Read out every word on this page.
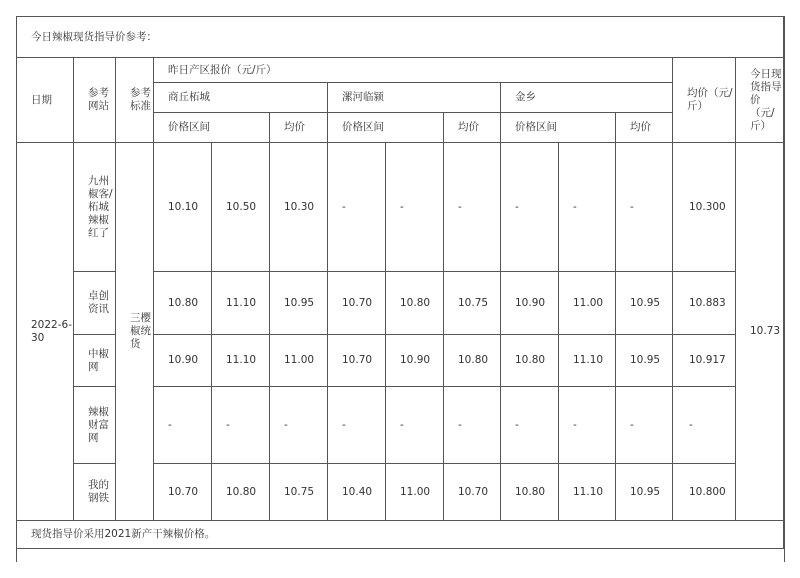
今日辣椒现货指导价参考：													
日期	参考网站	参考标准	昨日产区报价（元/斤）									均价（元/斤）	今日现货指导价（元/斤）
			商丘柘城			漯河临颍			金乡				
			价格区间		均价	价格区间		均价	价格区间		均价		
2022-6-30	九州椒客/柘城辣椒红了	三樱椒统货	10.10	10.50	10.30	-	-	-	-	-	-	10.300	10.73
	卓创资讯		10.80	11.10	10.95	10.70	10.80	10.75	10.90	11.00	10.95	10.883	
	中椒网		10.90	11.10	11.00	10.70	10.90	10.80	10.80	11.10	10.95	10.917	
	辣椒财富网		-	-	-	-	-	-	-	-	-	-	
	我的钢铁		10.70	10.80	10.75	10.40	11.00	10.70	10.80	11.10	10.95	10.800	
现货指导价采用2021新产干辣椒价格。													
